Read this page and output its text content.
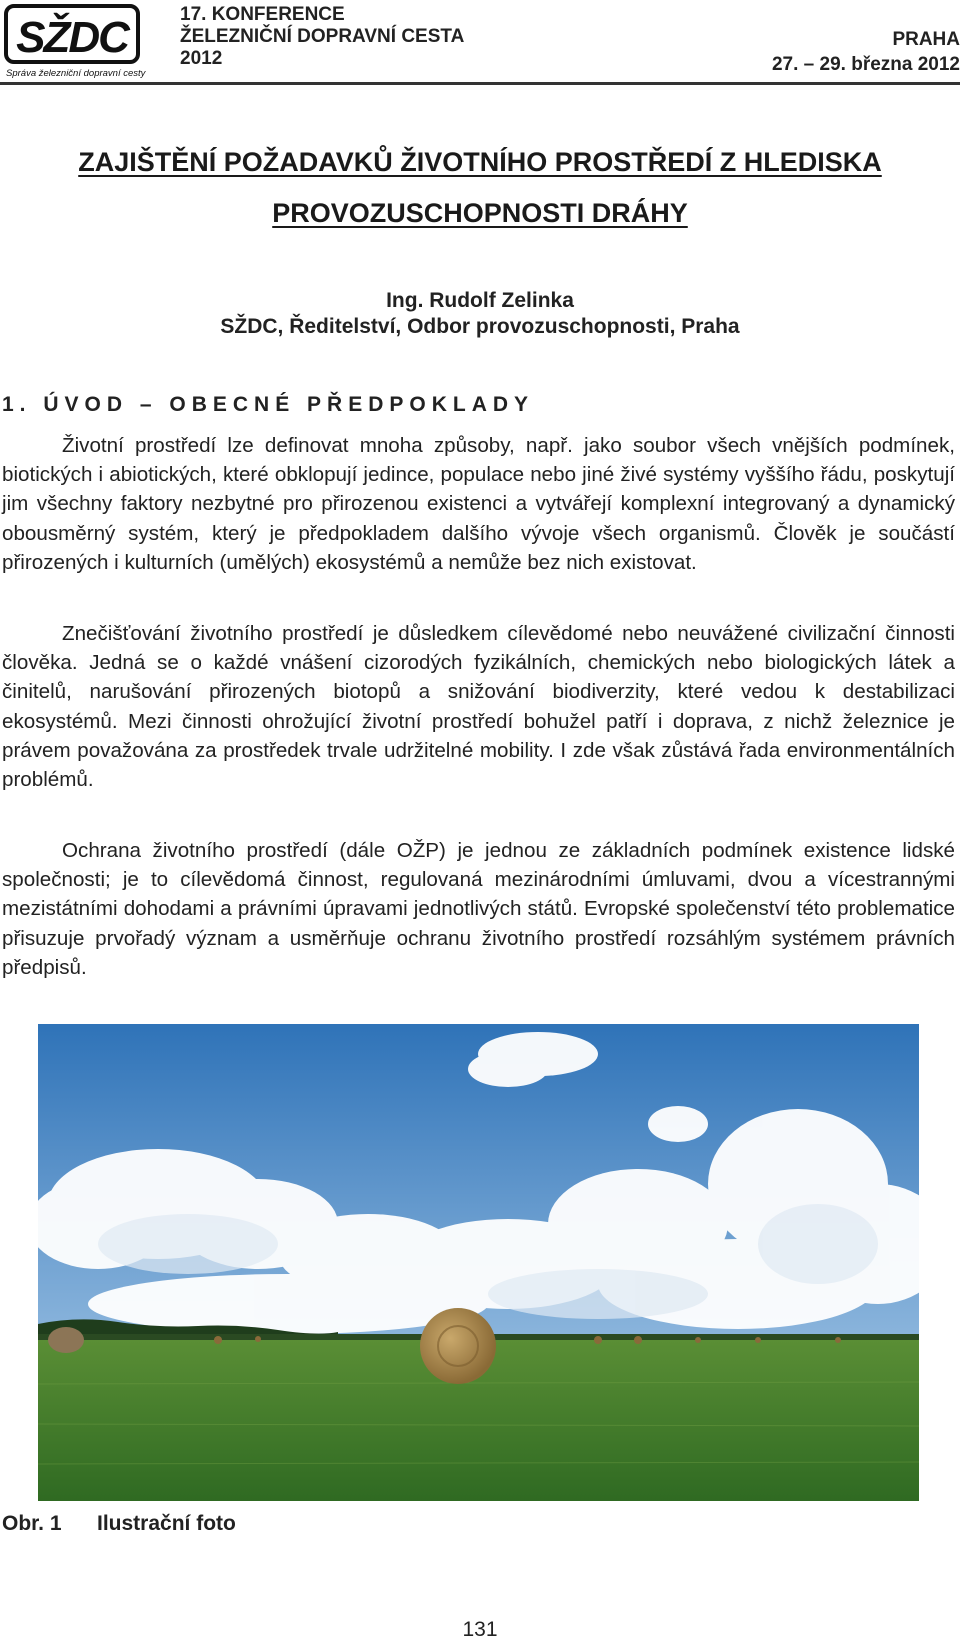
SŽDC
Správa železniční dopravní cesty
17. KONFERENCE
ŽELEZNIČNÍ DOPRAVNÍ CESTA
2012
PRAHA
27. – 29. března 2012
ZAJIŠTĚNÍ POŽADAVKŮ ŽIVOTNÍHO PROSTŘEDÍ Z HLEDISKA
PROVOZUSCHOPNOSTI DRÁHY
Ing. Rudolf Zelinka
SŽDC, Ředitelství, Odbor provozuschopnosti, Praha
1. ÚVOD – OBECNÉ PŘEDPOKLADY

Životní prostředí lze definovat mnoha způsoby, např. jako soubor všech vnějších podmínek, biotických i abiotických, které obklopují jedince, populace nebo jiné živé systémy vyššího řádu, poskytují jim všechny faktory nezbytné pro přirozenou existenci a vytvářejí komplexní integrovaný a dynamický obousměrný systém, který je předpokladem dalšího vývoje všech organismů. Člověk je součástí přirozených i kulturních (umělých) ekosystémů a nemůže bez nich existovat.

Znečišťování životního prostředí je důsledkem cílevědomé nebo neuvážené civilizační činnosti člověka. Jedná se o každé vnášení cizorodých fyzikálních, chemických nebo biologických látek a činitelů, narušování přirozených biotopů a snižování biodiverzity, které vedou k destabilizaci ekosystémů. Mezi činnosti ohrožující životní prostředí bohužel patří i doprava, z nichž železnice je právem považována za prostředek trvale udržitelné mobility. I zde však zůstává řada environmentálních problémů.

Ochrana životního prostředí (dále OŽP) je jednou ze základních podmínek existence lidské společnosti; je to cílevědomá činnost, regulovaná mezinárodními úmluvami, dvou a vícestrannými mezistátními dohodami a právními úpravami jednotlivých států. Evropské společenství této problematice přisuzuje prvořadý význam a usměrňuje ochranu životního prostředí rozsáhlým systémem právních předpisů.

Obr. 1 Ilustrační foto
131
